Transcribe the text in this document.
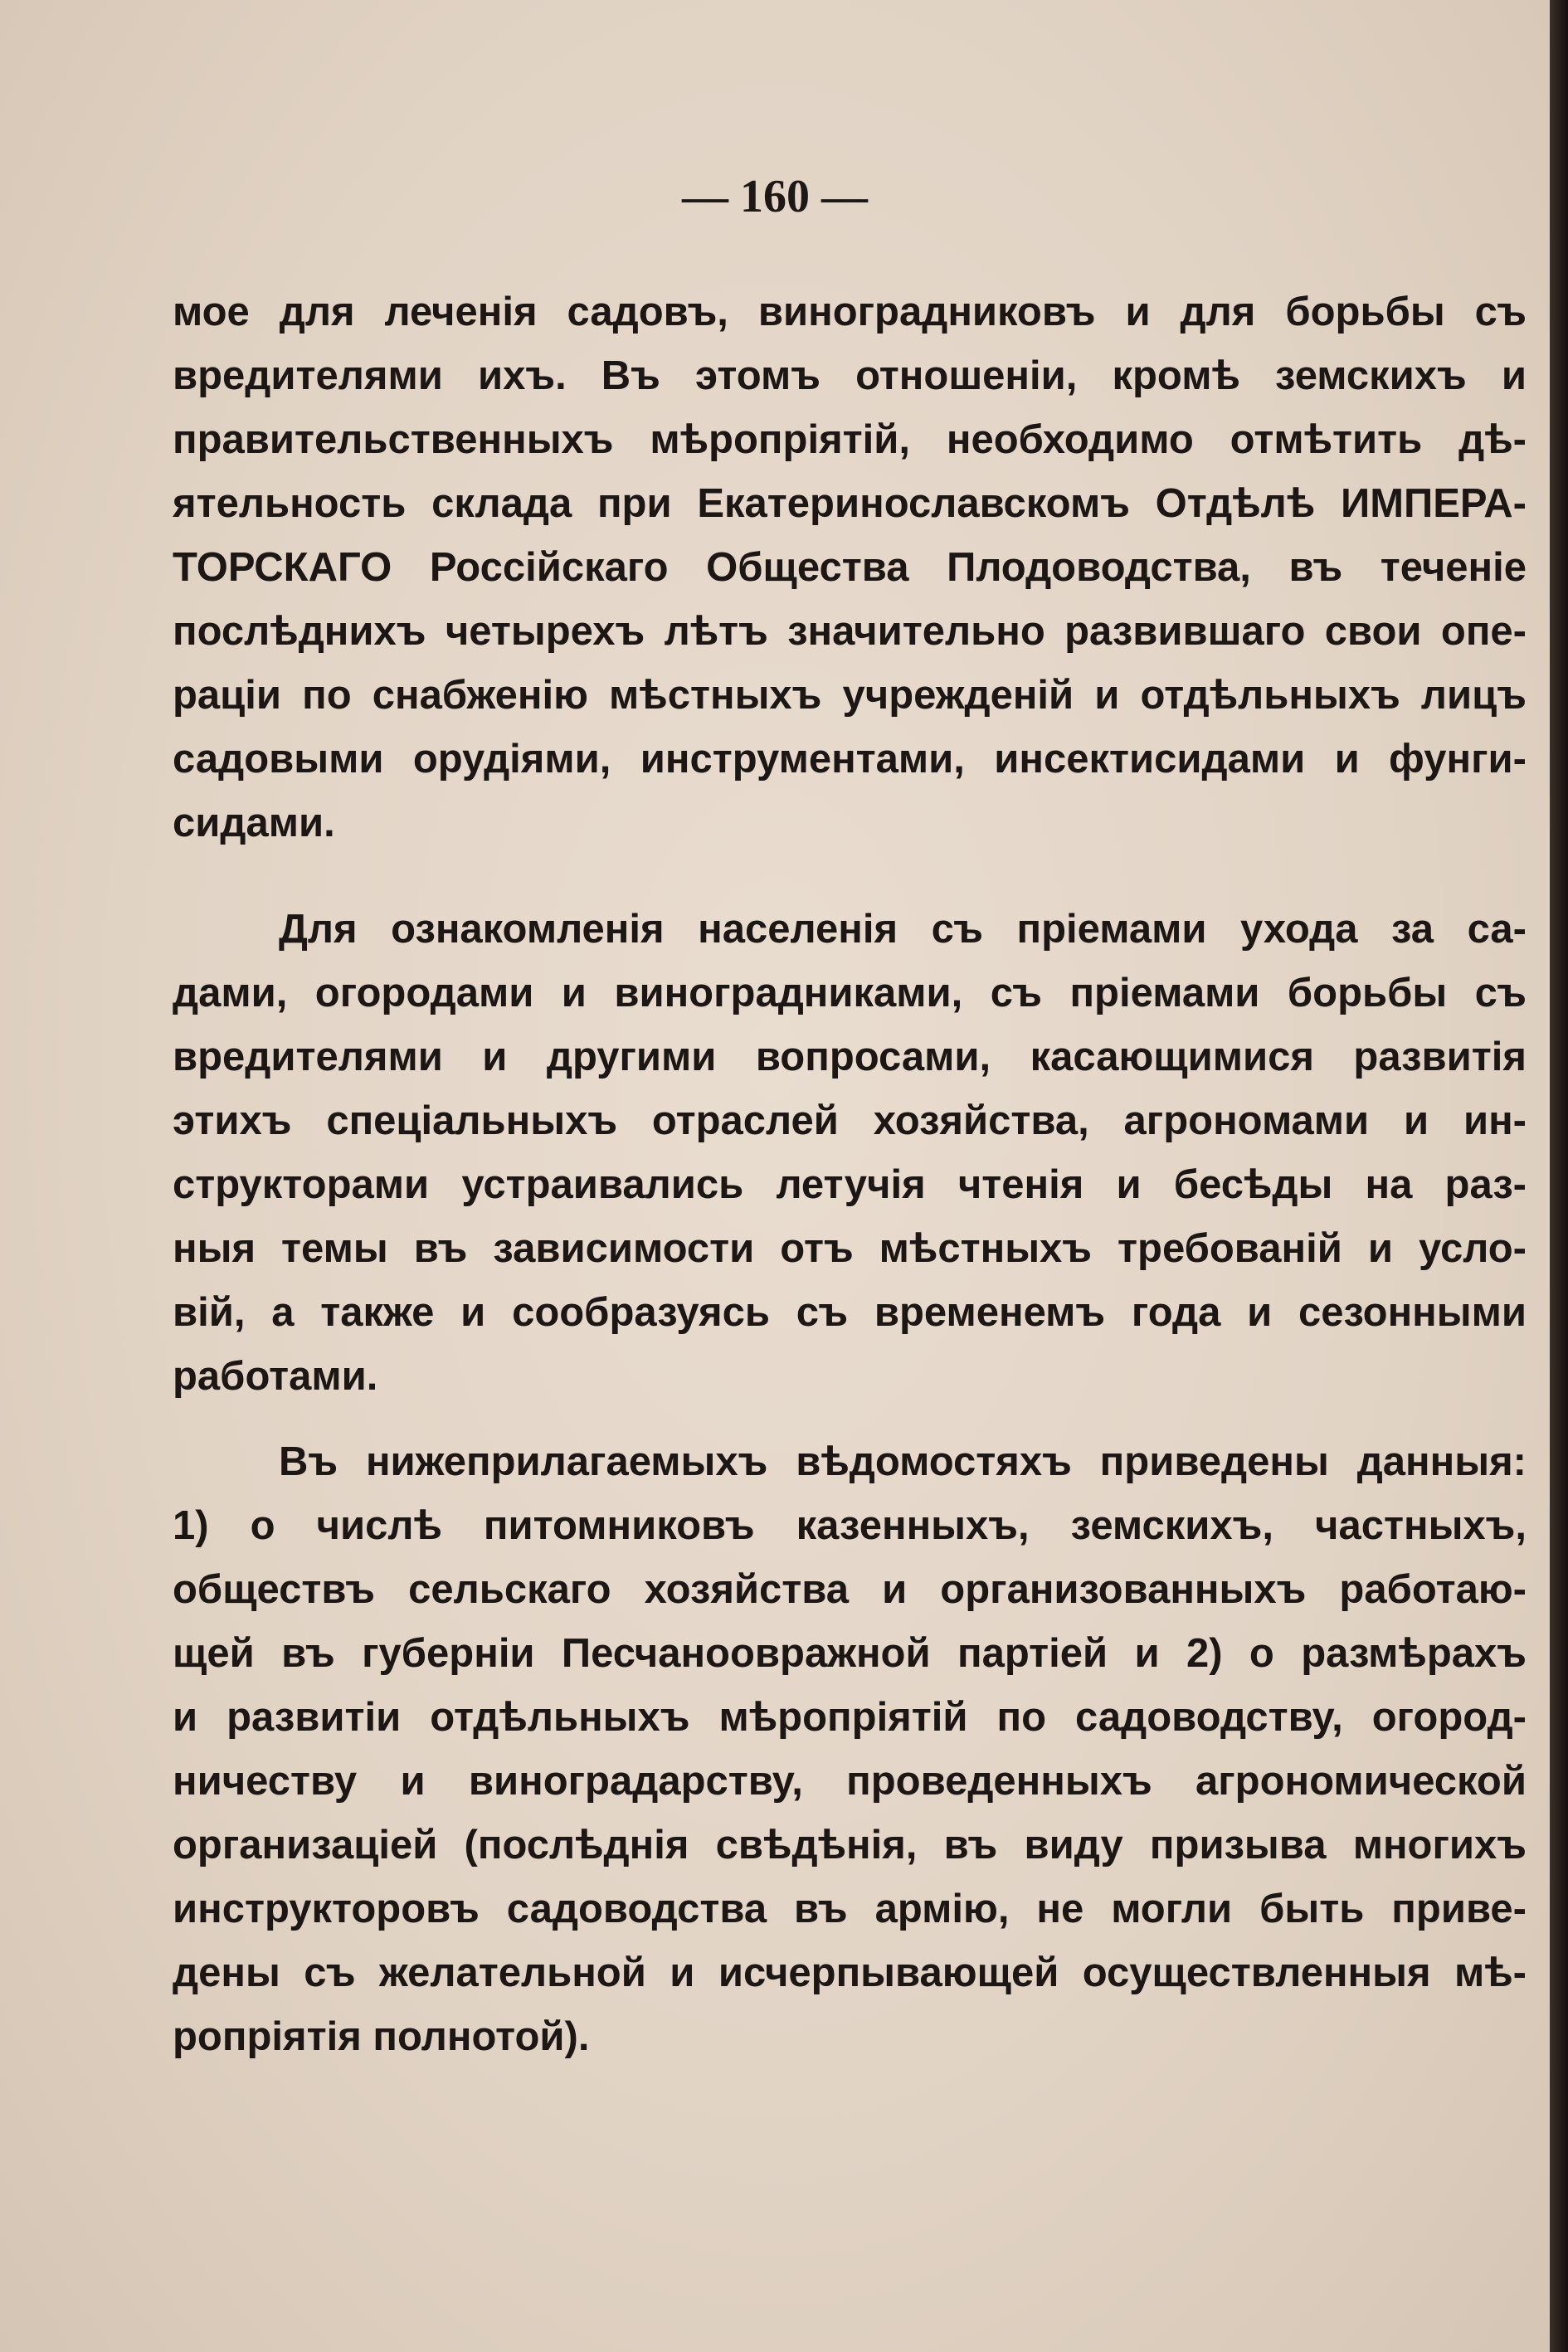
— 160 —
мое для леченія садовъ, виноградниковъ и для борьбы съ
вредителями ихъ. Въ этомъ отношеніи, кромѣ земскихъ и
правительственныхъ мѣропріятій, необходимо отмѣтить дѣ-
ятельность склада при Екатеринославскомъ Отдѣлѣ ИМПЕРА-
ТОРСКАГО Россійскаго Общества Плодоводства, въ теченіе
послѣднихъ четырехъ лѣтъ значительно развившаго свои опе-
раціи по снабженію мѣстныхъ учрежденій и отдѣльныхъ лицъ
садовыми орудіями, инструментами, инсектисидами и фунги-
сидами.
Для ознакомленія населенія съ пріемами ухода за са-
дами, огородами и виноградниками, съ пріемами борьбы съ
вредителями и другими вопросами, касающимися развитія
этихъ спеціальныхъ отраслей хозяйства, агрономами и ин-
структорами устраивались летучія чтенія и бесѣды на раз-
ныя темы въ зависимости отъ мѣстныхъ требованій и усло-
вій, а также и сообразуясь съ временемъ года и сезонными
работами.
Въ нижеприлагаемыхъ вѣдомостяхъ приведены данныя:
1) о числѣ питомниковъ казенныхъ, земскихъ, частныхъ,
обществъ сельскаго хозяйства и организованныхъ работаю-
щей въ губерніи Песчаноовражной партіей и 2) о размѣрахъ
и развитіи отдѣльныхъ мѣропріятій по садоводству, огород-
ничеству и виноградарству, проведенныхъ агрономической
организаціей (послѣднія свѣдѣнія, въ виду призыва многихъ
инструкторовъ садоводства въ армію, не могли быть приве-
дены съ желательной и исчерпывающей осуществленныя мѣ-
ропріятія полнотой).
